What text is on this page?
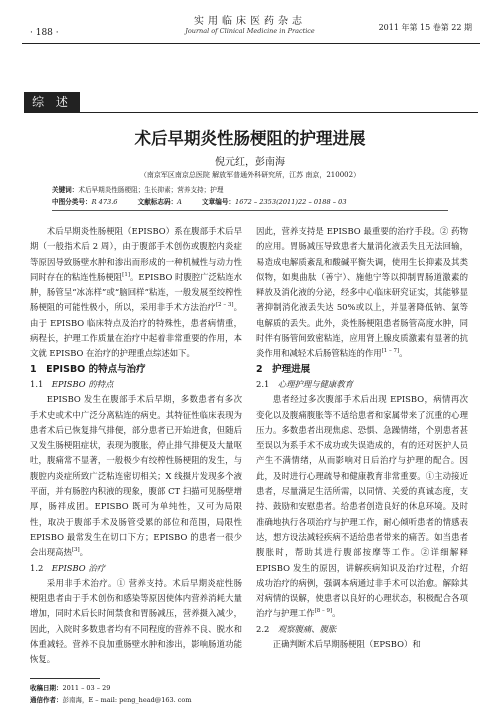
实用临床医药杂志
Journal of Clinical Medicine in Practice
· 188 ·
2011 年第 15 卷第 22 期
综 述
术后早期炎性肠梗阻的护理进展
倪元红，彭南海
（南京军区南京总医院 解放军普通外科研究所，江苏 南京，210002）
关键词：术后早期炎性肠梗阻；生长抑素；营养支持；护理
中图分类号：R 473.6	文献标志码：A	文章编号：1672 – 2353(2011)22 – 0188 – 03

术后早期炎性肠梗阻（EPISBO）系在腹部手术后早期（一般指术后 2 周），由于腹部手术创伤或腹腔内炎症等原因导致肠壁水肿和渗出而形成的一种机械性与动力性同时存在的粘连性肠梗阻[1]。EPISBO 时腹腔广泛粘连水肿，肠管呈“冰冻样”或“脑回样”粘连，一般发展至绞榨性肠梗阻的可能性极小，所以，采用非手术方法治疗[2 – 3]。由于 EPISBO 临床特点及治疗的特殊性，患者病情重，病程长，护理工作质量在治疗中起着非常重要的作用，本文就 EPISBO 在治疗的护理重点综述如下。

1　EPISBO 的特点与治疗

1.1　EPISBO 的特点

EPISBO 发生在腹部手术后早期，多数患者有多次手术史或术中广泛分离粘连的病史。其特征性临床表现为患者术后已恢复排气排便，部分患者已开始进食，但随后又发生肠梗阻症状，表现为腹胀，停止排气排便及大量呕吐，腹痛常不显著，一般极少有绞榨性肠梗阻的发生，与腹腔内炎症所致广泛粘连密切相关；X 线摄片发现多个液平面，并有肠腔内积液的现象，腹部 CT 扫描可见肠壁增厚，肠袢成团。EPISBO 既可为单纯性，又可为局限性，取决于腹部手术及肠管受累的部位和范围，局限性 EPISBO 最常发生在切口下方；EPISBO 的患者一很少会出现高热[3]。

1.2　EPISBO 治疗

采用非手术治疗。① 营养支持。术后早期炎症性肠梗阻患者由于手术创伤和感染等原因使体内营养消耗大量增加，同时术后长时间禁食和胃肠减压，营养摄入减少，因此，入院时多数患者均有不同程度的营养不良、脱水和体重减轻。营养不良加重肠壁水肿和渗出，影响肠道功能恢复。

因此，营养支持是 EPISBO 最重要的治疗手段。② 药物的应用。胃肠减压导致患者大量消化液丢失且无法回输，易造成电解质紊乱和酸碱平衡失调，使用生长抑素及其类似物，如奥曲肽（善宁）、施他宁等以抑制胃肠道激素的释放及消化液的分泌，经多中心临床研究证实，其能够显著抑制消化液丢失达 50%或以上，并显著降低钠、氯等电解质的丢失。此外，炎性肠梗阻患者肠管高度水肿，同时伴有肠管间致密粘连，应用肾上腺皮质激素有显著的抗炎作用和减轻术后肠管粘连的作用[1 – 7]。

2　护理进展

2.1　心理护理与健康教育

患者经过多次腹部手术后出现 EPISBO，病情再次变化以及腹痛腹胀等不适给患者和家属带来了沉重的心理压力。多数患者出现焦虑、恐惧、急躁情绪，个别患者甚至误以为系手术不成功或失误造成的，有的还对医护人员产生不满情绪，从而影响对日后治疗与护理的配合。因此，及时进行心理疏导和健康教育非常重要。①主动接近患者，尽量满足生活所需，以同情、关爱的真诚态度，支持、鼓励和安慰患者。给患者创造良好的休息环境。及时准确地执行各项治疗与护理工作，耐心倾听患者的情感表达，想方设法减轻疾病不适给患者带来的痛苦。如当患者腹胀时，帮助其进行腹部按摩等工作。②详细解释 EPISBO 发生的原因，讲解疾病知识及治疗过程，介绍成功治疗的病例，强调本病通过非手术可以治愈。解除其对病情的误解，使患者以良好的心理状态，积极配合各项治疗与护理工作[8 – 9]。

2.2　观察腹痛、腹胀

正确判断术后早期肠梗阻（EPSBO）和

收稿日期：2011 – 03 – 29
通信作者：彭南海，E – mail: peng_head@163. com
